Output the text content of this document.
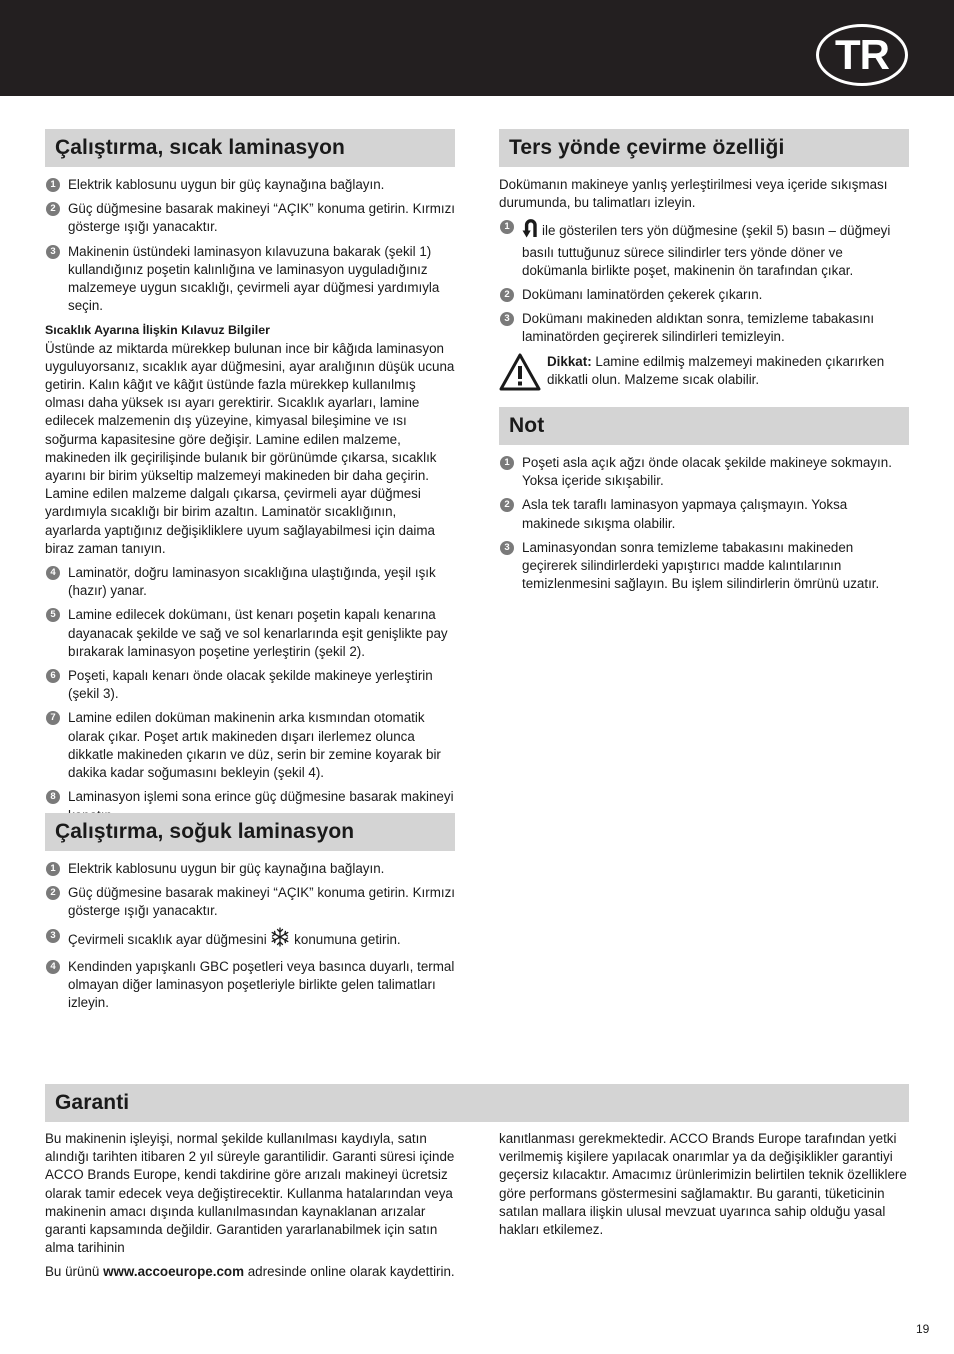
TR
Çalıştırma, sıcak laminasyon
1 Elektrik kablosunu uygun bir güç kaynağına bağlayın.

2 Güç düğmesine basarak makineyi “AÇIK” konuma getirin. Kırmızı gösterge ışığı yanacaktır.

3 Makinenin üstündeki laminasyon kılavuzuna bakarak (şekil 1) kullandığınız poşetin kalınlığına ve laminasyon uyguladığınız malzemeye uygun sıcaklığı, çevirmeli ayar düğmesi yardımıyla seçin.

Sıcaklık Ayarına İlişkin Kılavuz Bilgiler

Üstünde az miktarda mürekkep bulunan ince bir kâğıda laminasyon uyguluyorsanız, sıcaklık ayar düğmesini, ayar aralığının düşük ucuna getirin. Kalın kâğıt ve kâğıt üstünde fazla mürekkep kullanılmış olması daha yüksek ısı ayarı gerektirir. Sıcaklık ayarları, lamine edilecek malzemenin dış yüzeyine, kimyasal bileşimine ve ısı soğurma kapasitesine göre değişir. Lamine edilen malzeme, makineden ilk geçirilişinde bulanık bir görünümde çıkarsa, sıcaklık ayarını bir birim yükseltip malzemeyi makineden bir daha geçirin. Lamine edilen malzeme dalgalı çıkarsa, çevirmeli ayar düğmesi yardımıyla sıcaklığı bir birim azaltın. Laminatör sıcaklığının, ayarlarda yaptığınız değişikliklere uyum sağlayabilmesi için daima biraz zaman tanıyın.

4 Laminatör, doğru laminasyon sıcaklığına ulaştığında, yeşil ışık (hazır) yanar.

5 Lamine edilecek dokümanı, üst kenarı poşetin kapalı kenarına dayanacak şekilde ve sağ ve sol kenarlarında eşit genişlikte pay bırakarak laminasyon poşetine yerleştirin (şekil 2).

6 Poşeti, kapalı kenarı önde olacak şekilde makineye yerleştirin (şekil 3).

7 Lamine edilen doküman makinenin arka kısmından otomatik olarak çıkar. Poşet artık makineden dışarı ilerlemez olunca dikkatle makineden çıkarın ve düz, serin bir zemine koyarak bir dakika kadar soğumasını bekleyin (şekil 4).

8 Laminasyon işlemi sona erince güç düğmesine basarak makineyi

Çalıştırma, soğuk laminasyon
1 Elektrik kablosunu uygun bir güç kaynağına bağlayın.

2 Güç düğmesine basarak makineyi “AÇIK” konuma getirin. Kırmızı gösterge ışığı yanacaktır.

3 Çevirmeli sıcaklık ayar düğmesini konumuna getirin.

4 Kendinden yapışkanlı GBC poşetleri veya basınca duyarlı, termal olmayan diğer laminasyon poşetleriyle birlikte gelen talimatları izleyin.

Ters yönde çevirme özelliği

Dokümanın makineye yanlış yerleştirilmesi veya içeride sıkışması durumunda, bu talimatları izleyin.

1	ile gösterilen ters yön düğmesine (şekil 5) basın – düğmeyi basılı tuttuğunuz sürece silindirler ters yönde döner ve dokümanla birlikte poşet, makinenin ön tarafından çıkar.

2 Dokümanı laminatörden çekerek çıkarın.

3 Dokümanı makineden aldıktan sonra, temizleme tabakasını laminatörden geçirerek silindirleri temizleyin.

Dikkat: Lamine edilmiş malzemeyi makineden çıkarırken dikkatli olun. Malzeme sıcak olabilir.

Not
1 Poşeti asla açık ağzı önde olacak şekilde makineye sokmayın. Yoksa içeride sıkışabilir.

2 Asla tek taraflı laminasyon yapmaya çalışmayın. Yoksa makinede sıkışma olabilir.

3 Laminasyondan sonra temizleme tabakasını makineden geçirerek silindirlerdeki yapıştırıcı madde kalıntılarının temizlenmesini sağlayın. Bu işlem silindirlerin ömrünü uzatır.

Garanti

Bu makinenin işleyişi, normal şekilde kullanılması kaydıyla, satın alındığı tarihten itibaren 2 yıl süreyle garantilidir. Garanti süresi içinde ACCO Brands Europe, kendi takdirine göre arızalı makineyi ücretsiz olarak tamir edecek veya değiştirecektir. Kullanma hatalarından veya makinenin amacı dışında kullanılmasından kaynaklanan arızalar garanti kapsamında değildir. Garantiden yararlanabilmek için satın alma tarihinin

Bu ürünü www.accoeurope.com adresinde online olarak kaydettirin.

kanıtlanması gerekmektedir. ACCO Brands Europe tarafından yetki verilmemiş kişilere yapılacak onarımlar ya da değişiklikler garantiyi geçersiz kılacaktır. Amacımız ürünlerimizin belirtilen teknik özelliklere göre performans göstermesini sağlamaktır. Bu garanti, tüketicinin satılan mallara ilişkin ulusal mevzuat uyarınca sahip olduğu yasal hakları etkilemez.

19
